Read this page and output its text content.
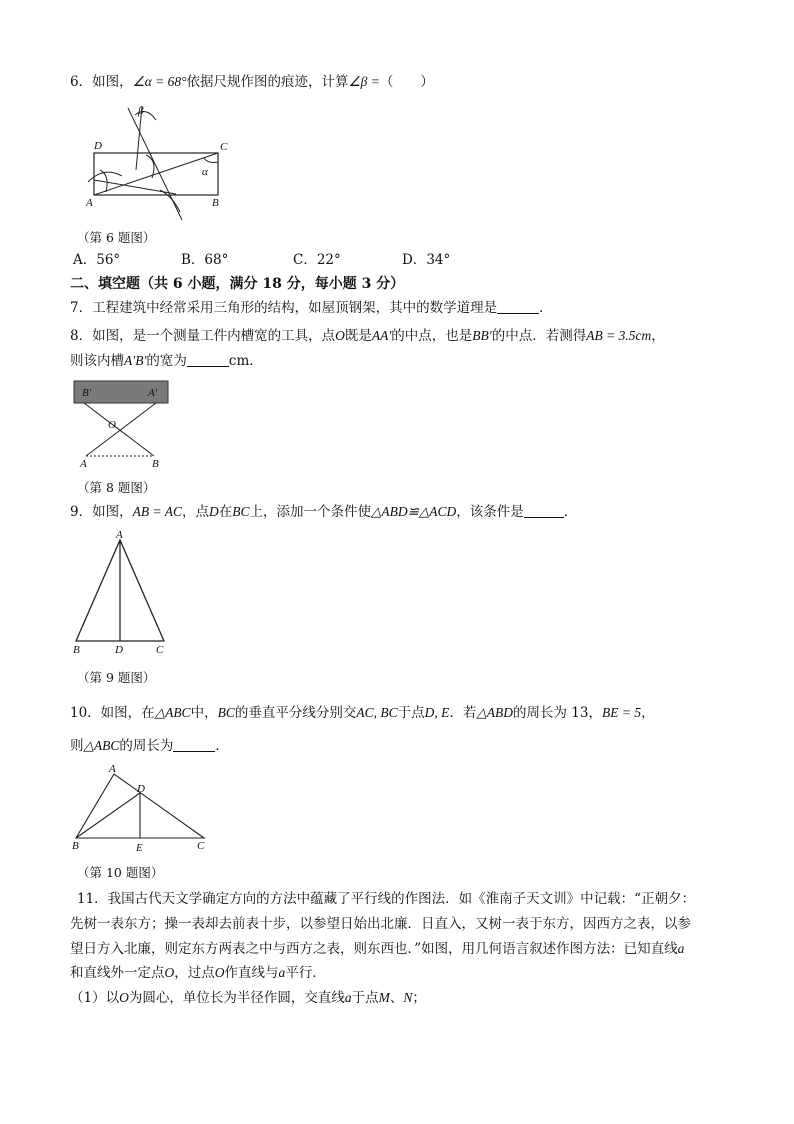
6．如图，∠α = 68°依据尺规作图的痕迹，计算∠β =（　　）
β
D	C
α
A	B
（第 6 题图）
A．56°	B．68°	C．22°	D．34°
二、填空题（共 6 小题，满分 18 分，每小题 3 分）
7．工程建筑中经常采用三角形的结构，如屋顶钢架，其中的数学道理是	．
8．如图，是一个测量工件内槽宽的工具，点O既是AA′的中点，也是BB′的中点．若测得AB = 3.5cm，
则该内槽A′B′的宽为	cm．
B′	A′
O
A	B
（第 8 题图）
9．如图，AB = AC，点D在BC上，添加一个条件使△ABD≌△ACD，该条件是	．
A
B	D	C
（第 9 题图）
10．如图，在△ABC中，BC的垂直平分线分别交AC, BC于点D, E．若△ABD的周长为 13，BE = 5，
则△ABC的周长为	．
A
D
B	E	C
（第 10 题图）
11．我国古代天文学确定方向的方法中蕴藏了平行线的作图法．如《淮南子天文训》中记载：“正朝夕：
先树一表东方；操一表却去前表十步，以参望日始出北廉．日直入，又树一表于东方，因西方之表，以参
望日方入北廉，则定东方两表之中与西方之表，则东西也．”如图，用几何语言叙述作图方法：已知直线a
和直线外一定点O，过点O作直线与a平行．
（1）以O为圆心，单位长为半径作圆，交直线a于点M、N；
